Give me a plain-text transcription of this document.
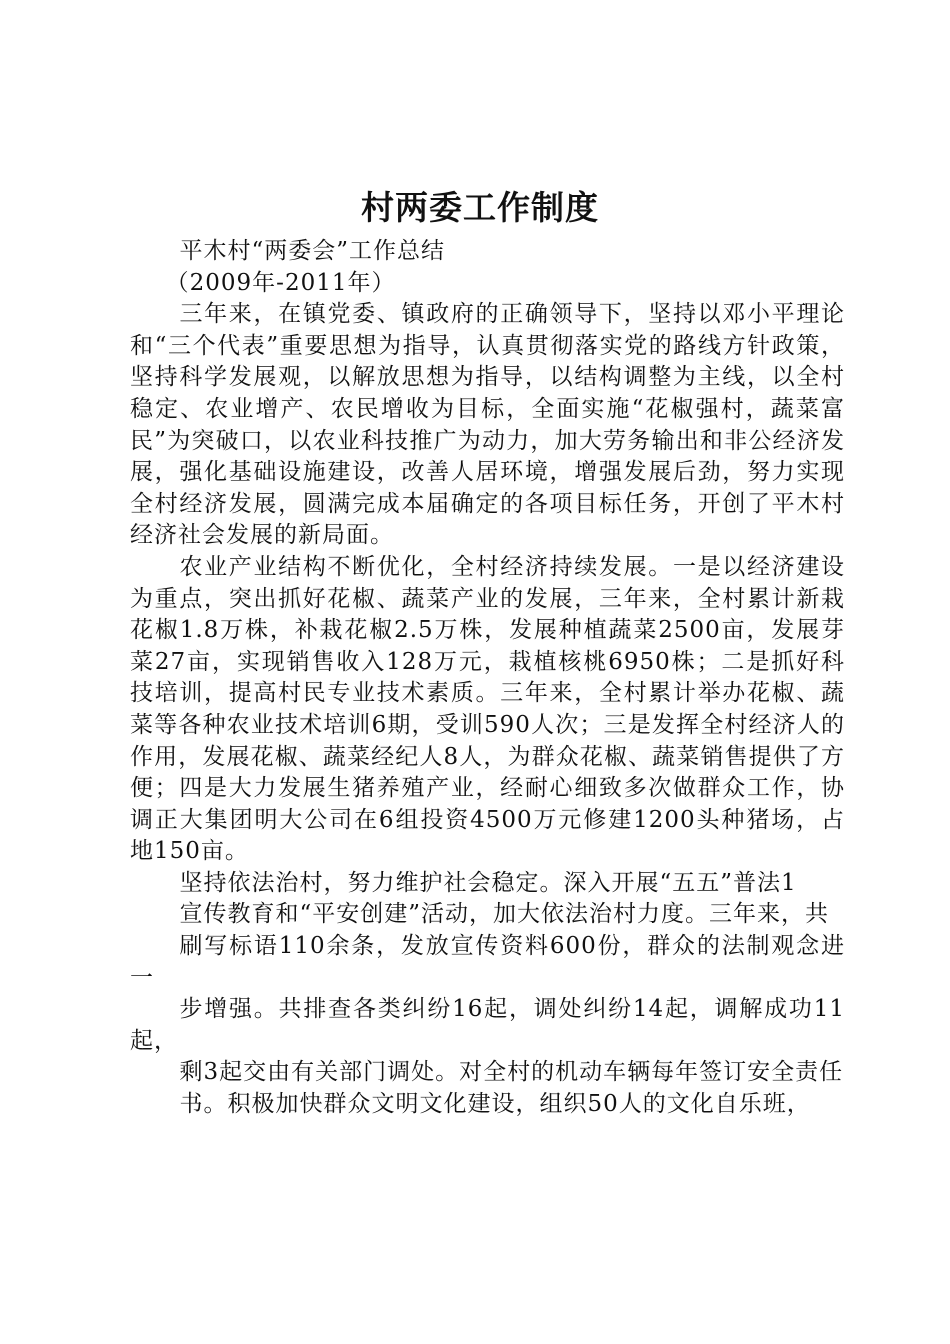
村两委工作制度

平木村“两委会”工作总结

（2009年-2011年）

三年来，在镇党委、镇政府的正确领导下，坚持以邓小平理论和“三个代表”重要思想为指导，认真贯彻落实党的路线方针政策，坚持科学发展观，以解放思想为指导，以结构调整为主线，以全村稳定、农业增产、农民增收为目标，全面实施“花椒强村，蔬菜富民”为突破口，以农业科技推广为动力，加大劳务输出和非公经济发展，强化基础设施建设，改善人居环境，增强发展后劲，努力实现全村经济发展，圆满完成本届确定的各项目标任务，开创了平木村经济社会发展的新局面。

农业产业结构不断优化，全村经济持续发展。一是以经济建设为重点，突出抓好花椒、蔬菜产业的发展，三年来，全村累计新栽花椒1.8万株，补栽花椒2.5万株，发展种植蔬菜2500亩，发展芽菜27亩，实现销售收入128万元，栽植核桃6950株；二是抓好科技培训，提高村民专业技术素质。三年来，全村累计举办花椒、蔬菜等各种农业技术培训6期，受训590人次；三是发挥全村经济人的作用，发展花椒、蔬菜经纪人8人，为群众花椒、蔬菜销售提供了方便；四是大力发展生猪养殖产业，经耐心细致多次做群众工作，协调正大集团明大公司在6组投资4500万元修建1200头种猪场，占地150亩。

坚持依法治村，努力维护社会稳定。深入开展“五五”普法1

宣传教育和“平安创建”活动，加大依法治村力度。三年来，共

刷写标语110余条，发放宣传资料600份，群众的法制观念进一

步增强。共排查各类纠纷16起，调处纠纷14起，调解成功11起，

剩3起交由有关部门调处。对全村的机动车辆每年签订安全责任

书。积极加快群众文明文化建设，组织50人的文化自乐班，
